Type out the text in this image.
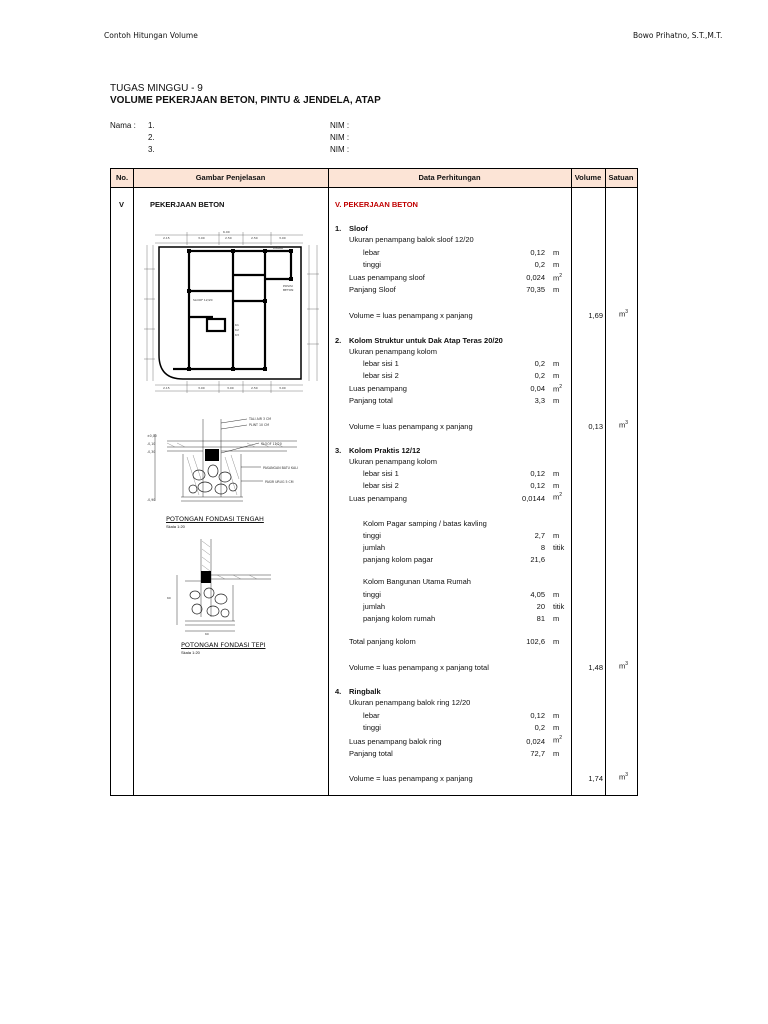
Contoh Hitungan Volume	Bowo Prihatno, S.T.,M.T.
TUGAS MINGGU - 9
VOLUME PEKERJAAN BETON, PINTU & JENDELA, ATAP
Nama : 1.
2.
3.
NIM :
NIM :
NIM :
No.	Gambar Penjelasan	Data Perhitungan	Volume Satuan
V	PEKERJAAN BETON
2.15	3.00	2.50	2.50	3.00
6.00
2.15	3.00	3.00	2.50	3.00
PAGAR
SLOOF 12/20
POSISI
BETON
K1
K2
K3
TALI AIR 3 CM
PLINT 10 CM
SLOOF 12/20
PASANGAN BATU KALI
PASIR URUG 5 CM
±0,00
-0,10
-0,30
-0,90
POTONGAN FONDASI TENGAH
Skala 1:20
60
60
POTONGAN FONDASI TEPI
Skala 1:20
V. PEKERJAAN BETON
1. Sloof
Ukuran penampang balok sloof 12/20
lebar	0,12 m
tinggi	0,2 m
Luas penampang sloof	0,024 $m^2$
Panjang Sloof	70,35 m
Volume = luas penampang x panjang	1,69 $m^3$
2. Kolom Struktur untuk Dak Atap Teras 20/20
Ukuran penampang kolom
lebar sisi 1	0,2 m
lebar sisi 2	0,2 m
Luas penampang	0,04 $m^2$
Panjang total	3,3 m
Volume = luas penampang x panjang	0,13 $m^3$
3. Kolom Praktis 12/12
Ukuran penampang kolom
lebar sisi 1	0,12 m
lebar sisi 2	0,12 m
Luas penampang	0,0144 $m^2$
Kolom Pagar samping / batas kavling
tinggi	2,7 m
jumlah	8 titik
panjang kolom pagar	21,6
Kolom Bangunan Utama Rumah
tinggi	4,05 m
jumlah	20 titik
panjang kolom rumah	81 m
Total panjang kolom	102,6 m
Volume = luas penampang x panjang total	1,48 $m^3$
4. Ringbalk
Ukuran penampang balok ring 12/20
lebar	0,12 m
tinggi	0,2 m
Luas penampang balok ring	0,024 $m^2$
Panjang total	72,7 m
Volume = luas penampang x panjang	1,74 $m^3$
